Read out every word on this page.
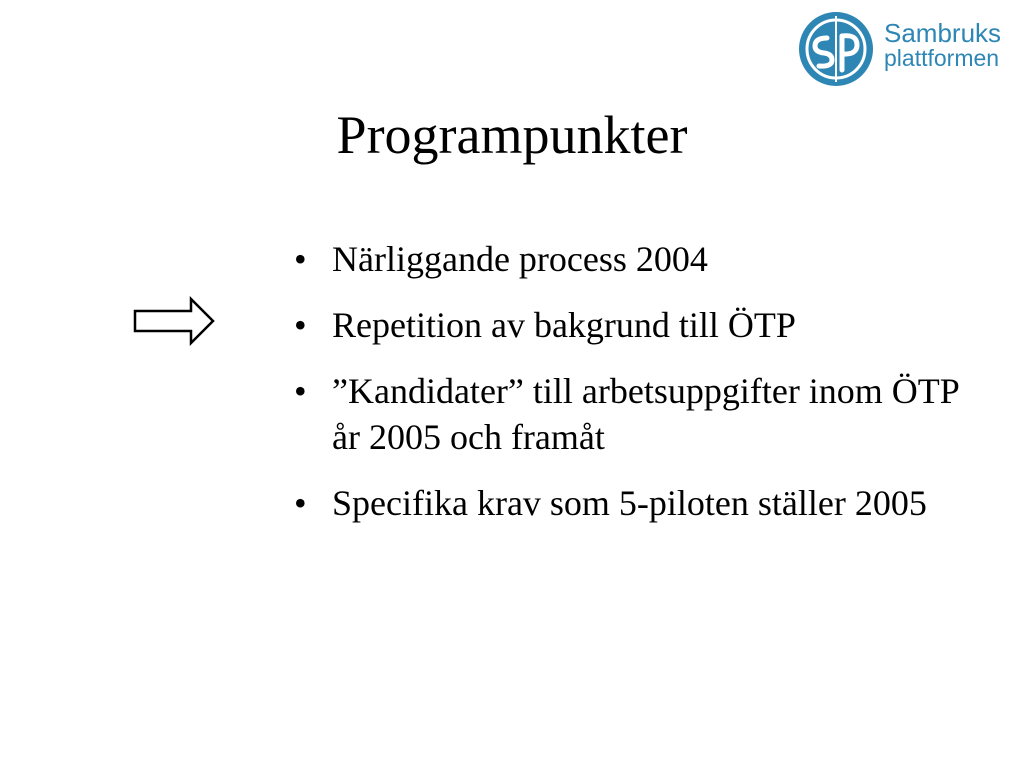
Sambruks
plattformen
Programpunkter
• Närliggande process 2004
• Repetition av bakgrund till ÖTP
• ”Kandidater” till arbetsuppgifter inom ÖTP år 2005 och framåt
• Specifika krav som 5-piloten ställer 2005
